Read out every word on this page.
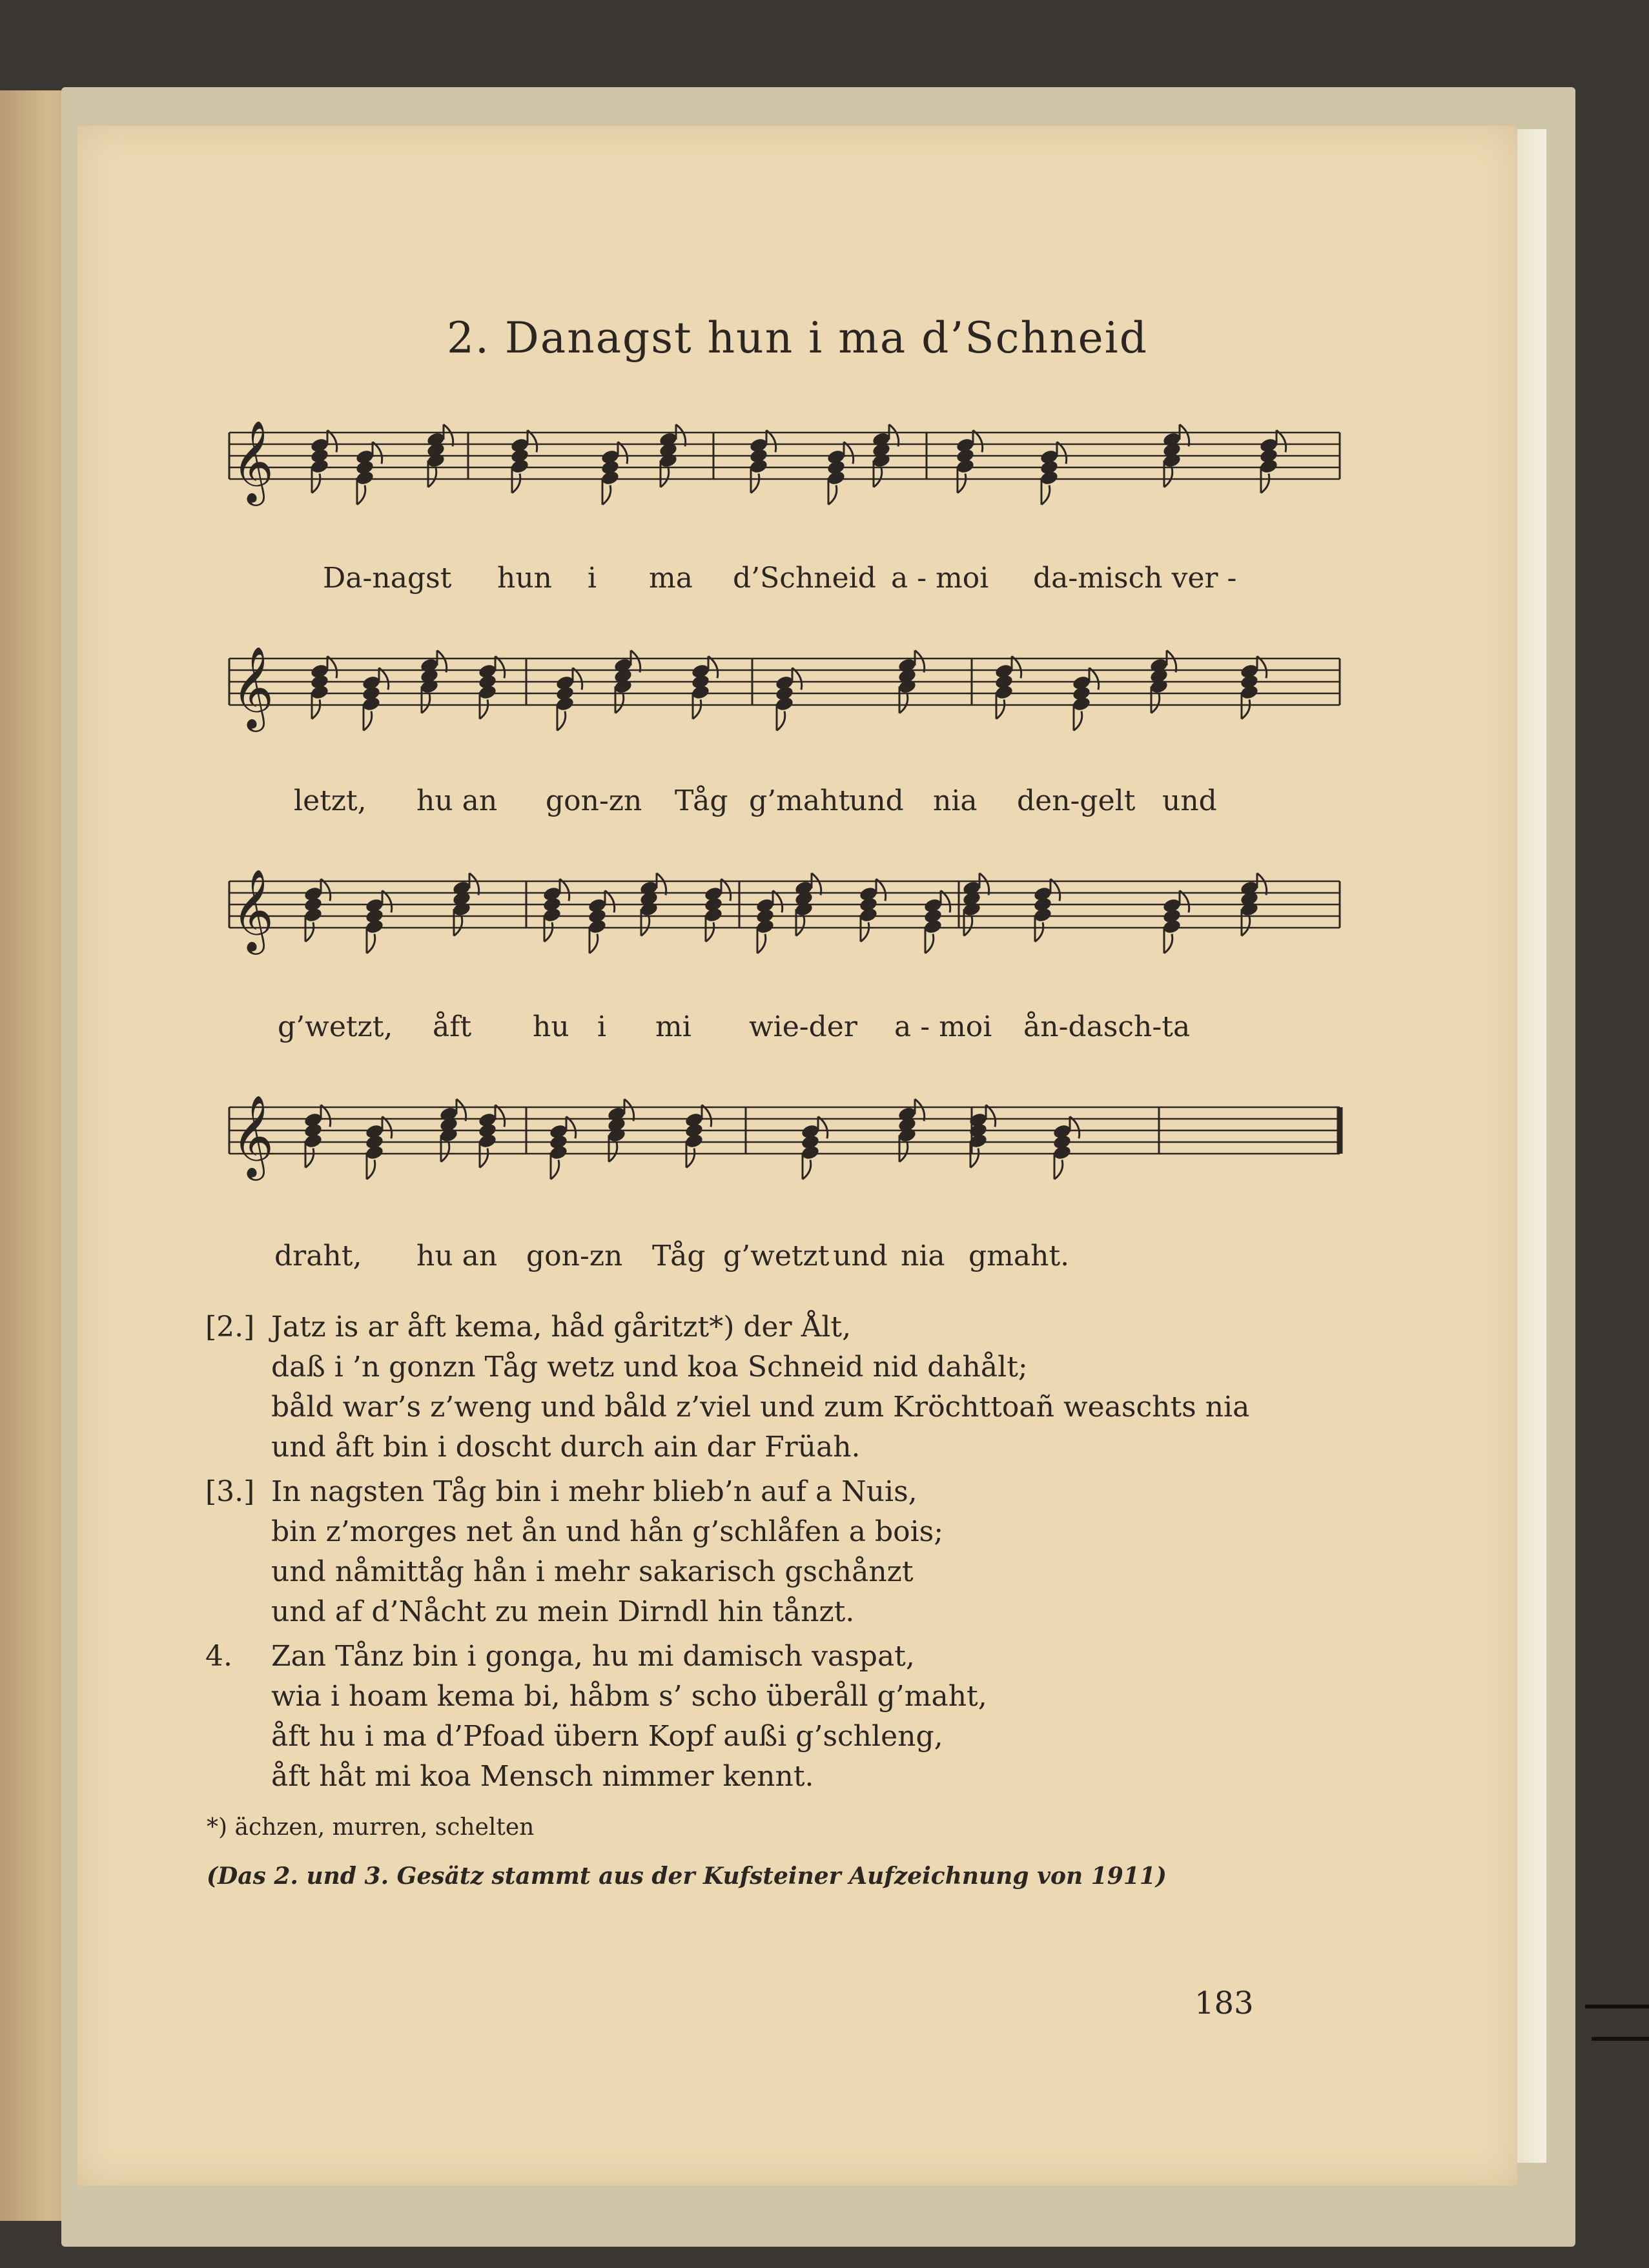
2. Danagst hun i ma d’Schneid
𝄞
𝄞
𝄞
𝄞
Da-nagst hun i ma d’Schneid a - moi da-misch ver -
letzt, hu an gon-zn Tåg g’maht
und nia den-gelt und
g’wetzt, åft hu i mi wie-der a - moi ån-dasch-ta
draht, hu an gon-zn Tåg g’wetzt und nia gmaht.
[2.] Jatz is ar åft kema, håd gåritzt*) der Ålt,
daß i ’n gonzn Tåg wetz und koa Schneid nid dahålt;
båld war’s z’weng und båld z’viel und zum Kröchttoañ weaschts nia
und åft bin i doscht durch ain dar Früah.
[3.] In nagsten Tåg bin i mehr blieb’n auf a Nuis,
bin z’morges net ån und hån g’schlåfen a bois;
und nåmittåg hån i mehr sakarisch gschånzt
und af d’Nåcht zu mein Dirndl hin tånzt.
4.	Zan Tånz bin i gonga, hu mi damisch vaspat,
wia i hoam kema bi, håbm s’ scho überåll g’maht,
åft hu i ma d’Pfoad übern Kopf außi g’schleng,
åft håt mi koa Mensch nimmer kennt.
*) ächzen, murren, schelten
(Das 2. und 3. Gesätz stammt aus der Kufsteiner Aufzeichnung von 1911)
183
